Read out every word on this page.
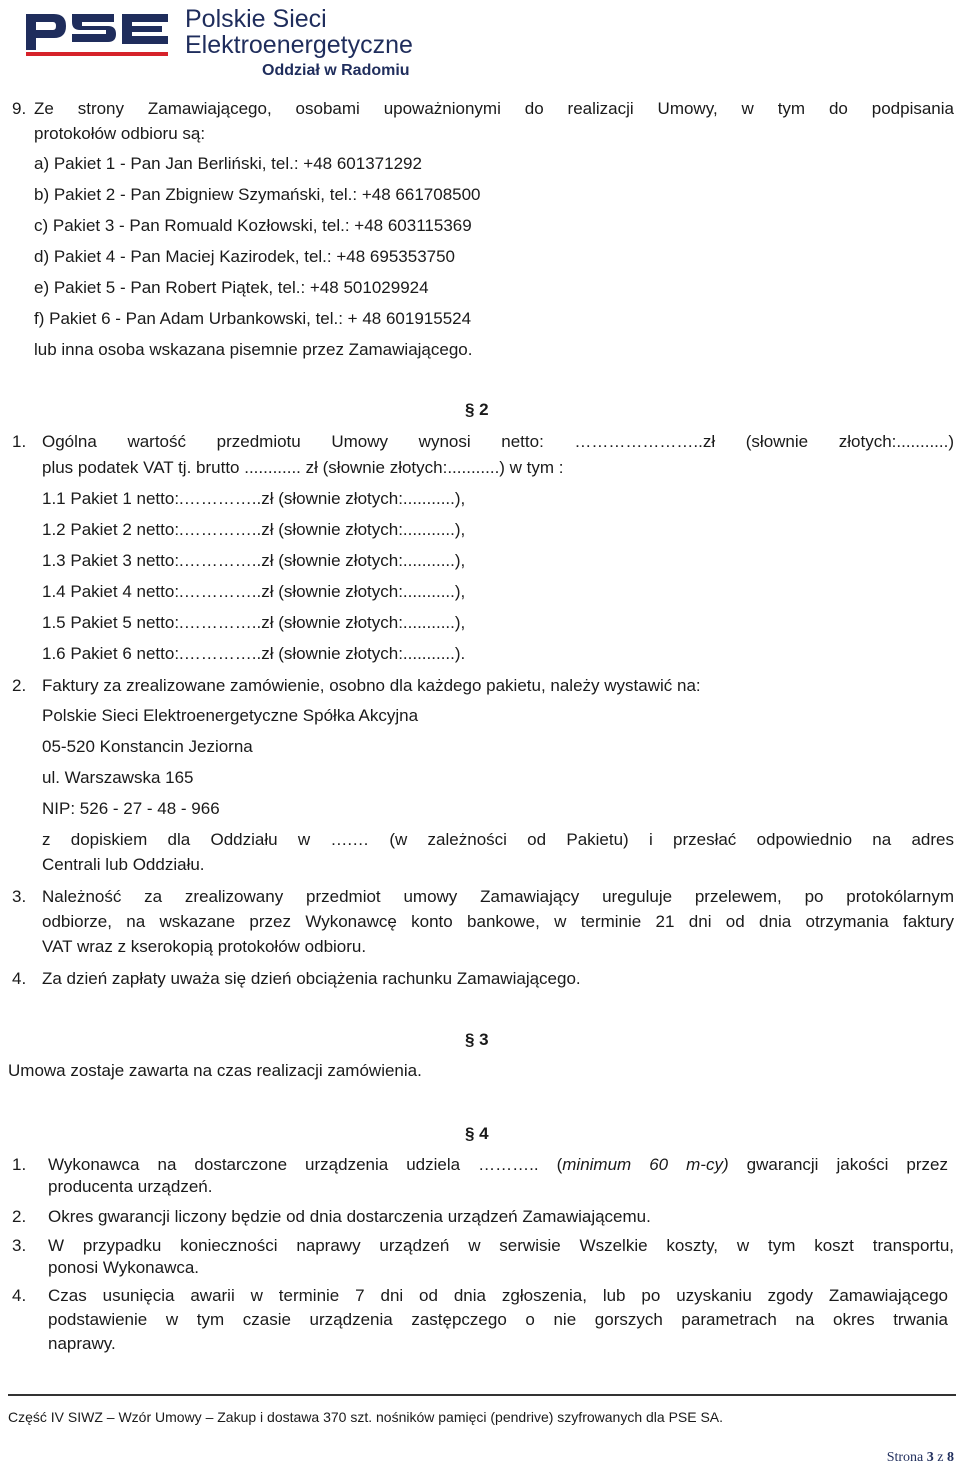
Polskie Sieci
Elektroenergetyczne
Oddział w Radomiu
9. Ze strony Zamawiającego, osobami upoważnionymi do realizacji Umowy, w tym do podpisania
protokołów odbioru są:
a) Pakiet 1 - Pan Jan Berliński, tel.: +48 601371292
b) Pakiet 2 - Pan Zbigniew Szymański, tel.: +48 661708500
c) Pakiet 3 - Pan Romuald Kozłowski, tel.: +48 603115369
d) Pakiet 4 - Pan Maciej Kazirodek, tel.: +48 695353750
e) Pakiet 5 - Pan Robert Piątek, tel.: +48 501029924
f) Pakiet 6 - Pan Adam Urbankowski, tel.: + 48 601915524
lub inna osoba wskazana pisemnie przez Zamawiającego.
§ 2
1. Ogólna wartość przedmiotu Umowy wynosi netto: …………………..zł (słownie złotych:...........)
plus podatek VAT tj. brutto ............ zł (słownie złotych:...........) w tym :
1.1 Pakiet 1 netto:.…………..zł (słownie złotych:...........),
1.2 Pakiet 2 netto:.…………..zł (słownie złotych:...........),
1.3 Pakiet 3 netto:.…………..zł (słownie złotych:...........),
1.4 Pakiet 4 netto:.…………..zł (słownie złotych:...........),
1.5 Pakiet 5 netto:.…………..zł (słownie złotych:...........),
1.6 Pakiet 6 netto:.…………..zł (słownie złotych:...........).
2. Faktury za zrealizowane zamówienie, osobno dla każdego pakietu, należy wystawić na:
Polskie Sieci Elektroenergetyczne Spółka Akcyjna
05-520 Konstancin Jeziorna
ul. Warszawska 165
NIP: 526 - 27 - 48 - 966
z dopiskiem dla Oddziału w ….… (w zależności od Pakietu) i przesłać odpowiednio na adres
Centrali lub Oddziału.
3. Należność za zrealizowany przedmiot umowy Zamawiający ureguluje przelewem, po protokólarnym
odbiorze, na wskazane przez Wykonawcę konto bankowe, w terminie 21 dni od dnia otrzymania faktury
VAT wraz z kserokopią protokołów odbioru.
4. Za dzień zapłaty uważa się dzień obciążenia rachunku Zamawiającego.
§ 3
Umowa zostaje zawarta na czas realizacji zamówienia.
§ 4
1. Wykonawca na dostarczone urządzenia udziela ……….. (minimum 60 m-cy) gwarancji jakości przez
producenta urządzeń.
2. Okres gwarancji liczony będzie od dnia dostarczenia urządzeń Zamawiającemu.
3. W przypadku konieczności naprawy urządzeń w serwisie Wszelkie koszty, w tym koszt transportu,
ponosi Wykonawca.
4. Czas usunięcia awarii w terminie 7 dni od dnia zgłoszenia, lub po uzyskaniu zgody Zamawiającego
podstawienie w tym czasie urządzenia zastępczego o nie gorszych parametrach na okres trwania
naprawy.
Część IV SIWZ – Wzór Umowy – Zakup i dostawa 370 szt. nośników pamięci (pendrive) szyfrowanych dla PSE SA.
Strona 3 z 8
